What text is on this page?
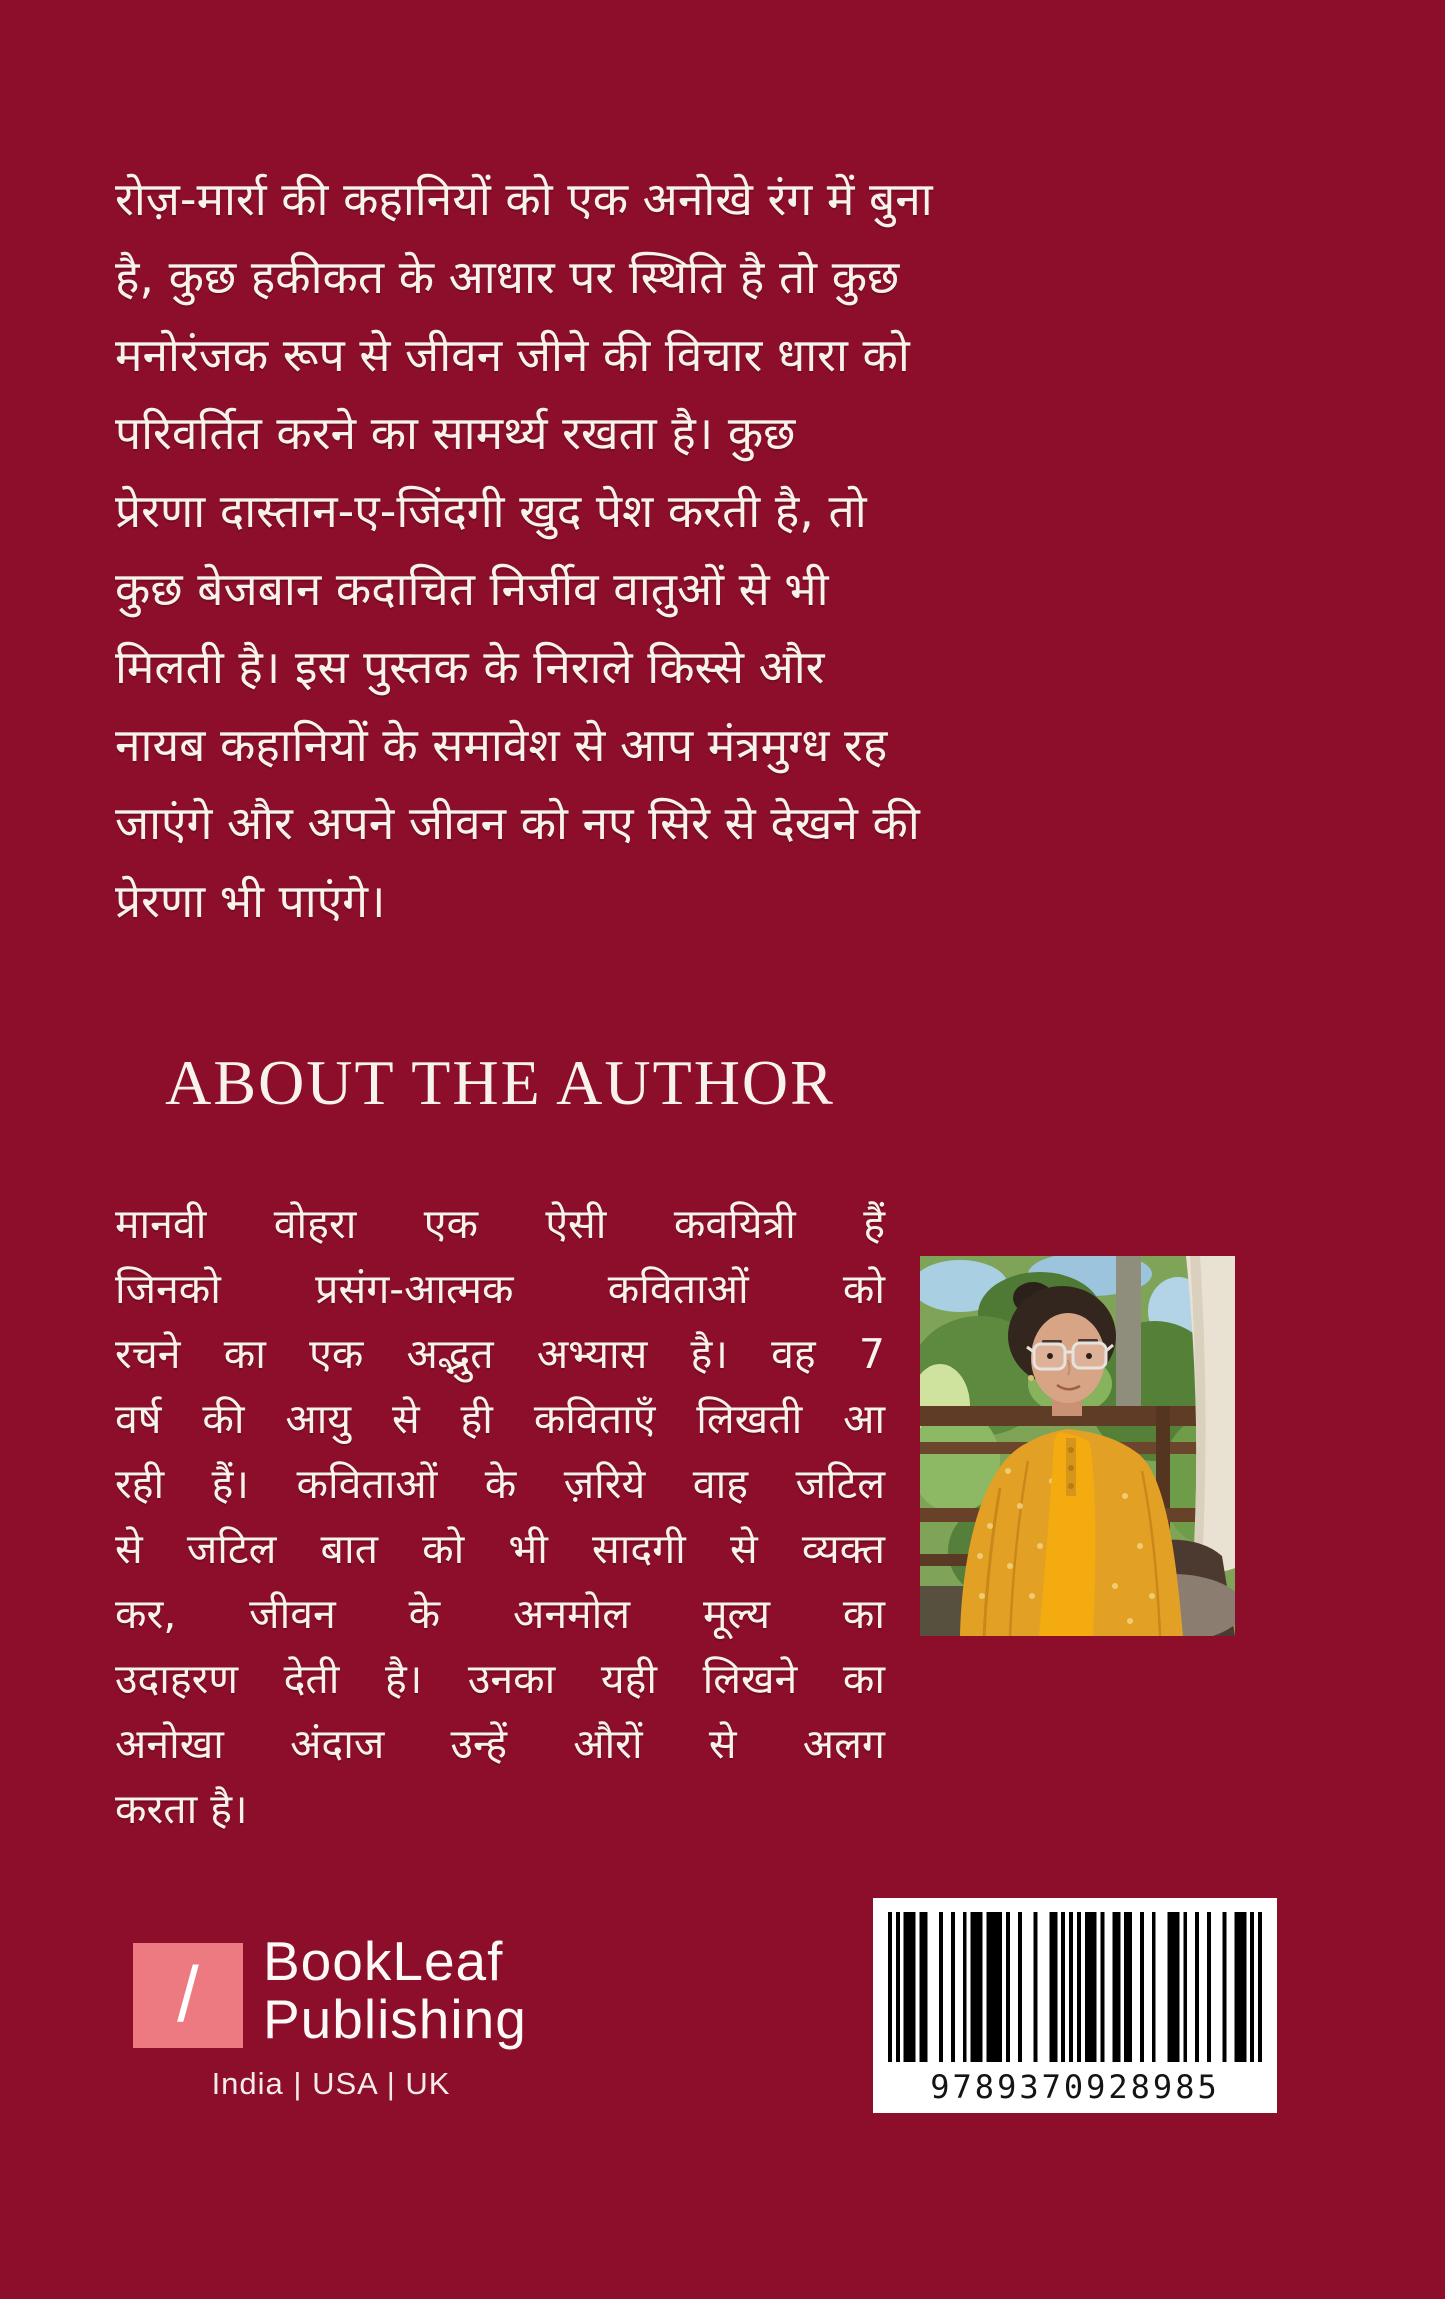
रोज़-मार्रा की कहानियों को एक अनोखे रंग में बुना
है, कुछ हकीकत के आधार पर स्थिति है तो कुछ
मनोरंजक रूप से जीवन जीने की विचार धारा को
परिवर्तित करने का सामर्थ्य रखता है। कुछ
प्रेरणा दास्तान-ए-जिंदगी खुद पेश करती है, तो
कुछ बेजबान कदाचित निर्जीव वातुओं से भी
मिलती है। इस पुस्तक के निराले किस्से और
नायब कहानियों के समावेश से आप मंत्रमुग्ध रह
जाएंगे और अपने जीवन को नए सिरे से देखने की
प्रेरणा भी पाएंगे।
ABOUT THE AUTHOR
मानवी वोहरा एक ऐसी कवयित्री हैं
जिनको प्रसंग-आत्मक कविताओं को
रचने का एक अद्भुत अभ्यास है। वह 7
वर्ष की आयु से ही कविताएँ लिखती आ
रही हैं। कविताओं के ज़रिये वाह जटिल
से जटिल बात को भी सादगी से व्यक्त
कर, जीवन के अनमोल मूल्य का
उदाहरण देती है। उनका यही लिखने का
अनोखा अंदाज उन्हें औरों से अलग
करता है।
/ BookLeaf
Publishing
India | USA | UK	9789370928985
